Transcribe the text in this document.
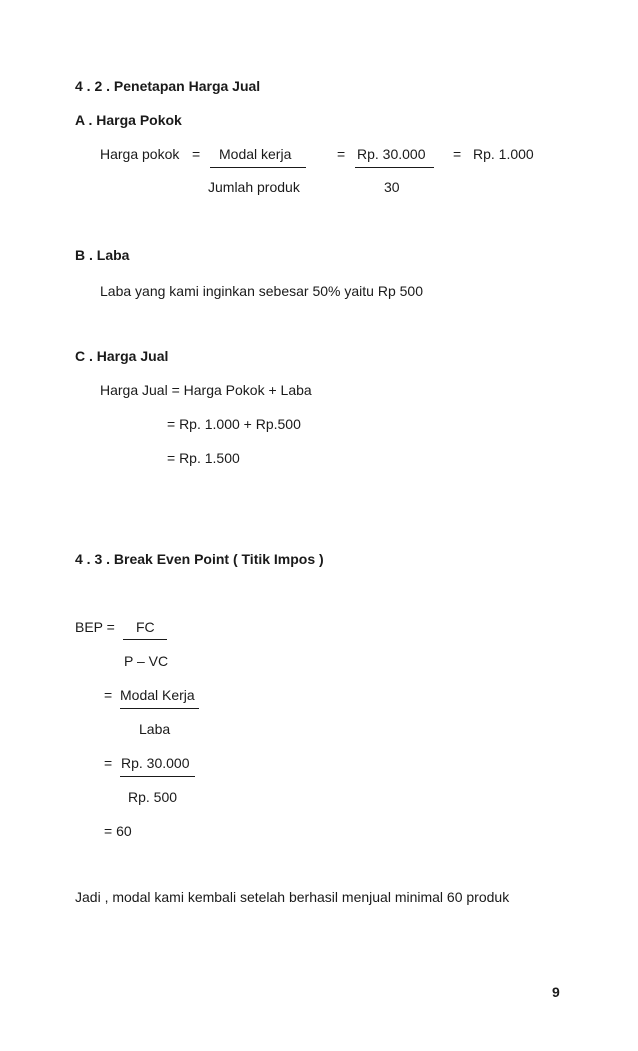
4 . 2 . Penetapan Harga Jual
A . Harga Pokok
Harga pokok = Modal kerja
Jumlah produk
= Rp. 30.000
30
= Rp. 1.000
B . Laba
Laba yang kami inginkan sebesar 50% yaitu Rp 500
C . Harga Jual
Harga Jual = Harga Pokok + Laba
= Rp. 1.000 + Rp.500
= Rp. 1.500
4 . 3 . Break Even Point ( Titik Impos )
BEP = FC
P – VC
= Modal Kerja
Laba
= Rp. 30.000
Rp. 500
= 60
Jadi , modal kami kembali setelah berhasil menjual minimal 60 produk
9
